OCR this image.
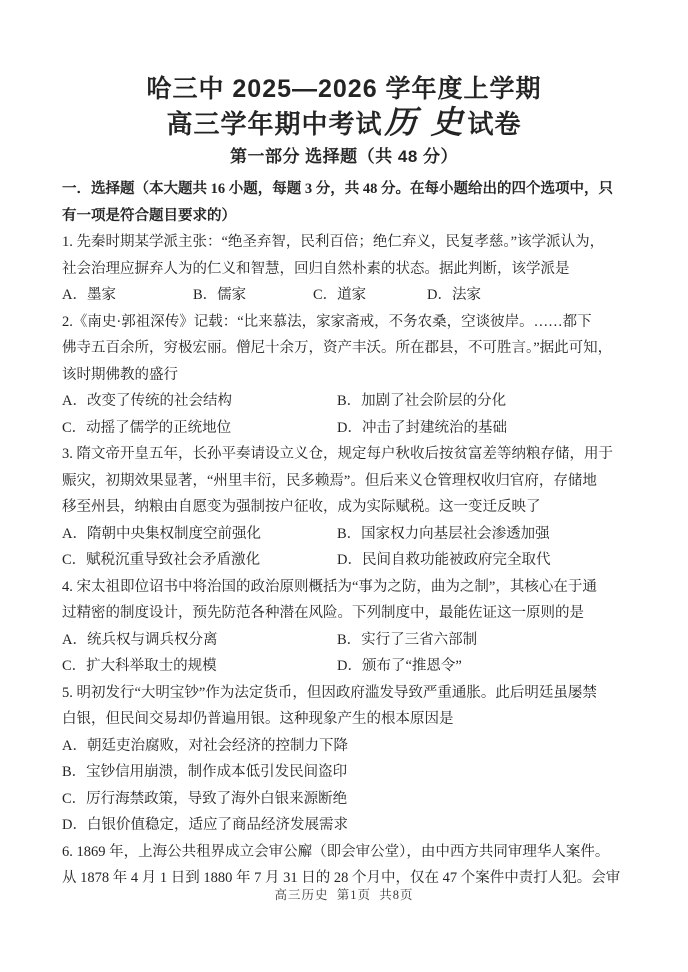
哈三中 2025—2026 学年度上学期
高三学年期中考试历 史试卷
第一部分 选择题（共 48 分）
一．选择题（本大题共 16 小题，每题 3 分，共 48 分。在每小题给出的四个选项中，只
有一项是符合题目要求的）
1. 先秦时期某学派主张：“绝圣弃智，民利百倍；绝仁弃义，民复孝慈。”该学派认为，
社会治理应摒弃人为的仁义和智慧，回归自然朴素的状态。据此判断，该学派是
A．墨家	B．儒家	C．道家	D．法家
2.《南史·郭祖深传》记载：“比来慕法，家家斋戒，不务农桑，空谈彼岸。……都下
佛寺五百余所，穷极宏丽。僧尼十余万，资产丰沃。所在郡县，不可胜言。”据此可知，
该时期佛教的盛行
A．改变了传统的社会结构	B．加剧了社会阶层的分化
C．动摇了儒学的正统地位	D．冲击了封建统治的基础
3. 隋文帝开皇五年，长孙平奏请设立义仓，规定每户秋收后按贫富差等纳粮存储，用于
赈灾，初期效果显著，“州里丰衍，民多赖焉”。但后来义仓管理权收归官府，存储地
移至州县，纳粮由自愿变为强制按户征收，成为实际赋税。这一变迁反映了
A．隋朝中央集权制度空前强化	B．国家权力向基层社会渗透加强
C．赋税沉重导致社会矛盾激化	D．民间自救功能被政府完全取代
4. 宋太祖即位诏书中将治国的政治原则概括为“事为之防，曲为之制”，其核心在于通
过精密的制度设计，预先防范各种潜在风险。下列制度中，最能佐证这一原则的是
A．统兵权与调兵权分离	B．实行了三省六部制
C．扩大科举取士的规模	D．颁布了“推恩令”
5. 明初发行“大明宝钞”作为法定货币，但因政府滥发导致严重通胀。此后明廷虽屡禁
白银，但民间交易却仍普遍用银。这种现象产生的根本原因是
A．朝廷吏治腐败，对社会经济的控制力下降
B．宝钞信用崩溃，制作成本低引发民间盗印
C．厉行海禁政策，导致了海外白银来源断绝
D．白银价值稳定，适应了商品经济发展需求
6. 1869 年，上海公共租界成立会审公廨（即会审公堂），由中西方共同审理华人案件。
从 1878 年 4 月 1 日到 1880 年 7 月 31 日的 28 个月中，仅在 47 个案件中责打人犯。会审
高三历史  第1页  共8页
